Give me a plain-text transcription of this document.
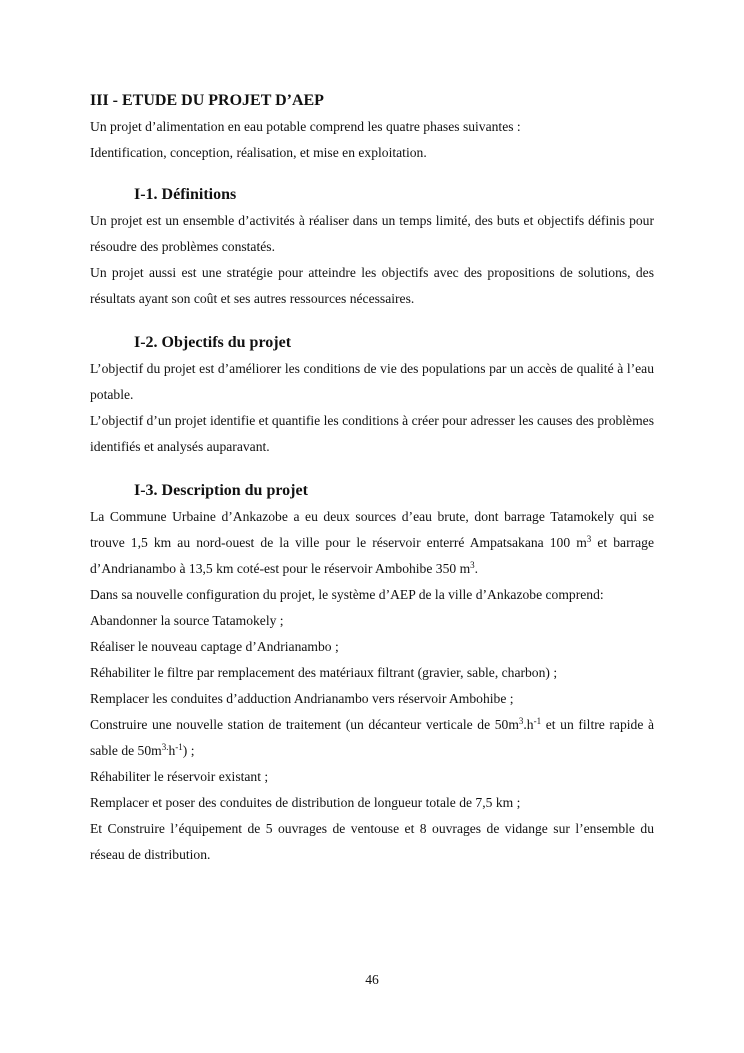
III - ETUDE DU PROJET D’AEP

Un projet d’alimentation en eau potable comprend les quatre phases suivantes :

Identification, conception, réalisation, et mise en exploitation.

I-1. Définitions

Un projet est un ensemble d’activités à réaliser dans un temps limité, des buts et objectifs définis pour résoudre des problèmes constatés.

Un projet aussi est une stratégie pour atteindre les objectifs avec des propositions de solutions, des résultats ayant son coût et ses autres ressources nécessaires.

I-2. Objectifs du projet

L’objectif du projet est d’améliorer les conditions de vie des populations par un accès de qualité à l’eau potable.

L’objectif d’un projet identifie et quantifie les conditions à créer pour adresser les causes des problèmes identifiés et analysés auparavant.

I-3. Description du projet

La Commune Urbaine d’Ankazobe a eu deux sources d’eau brute, dont barrage Tatamokely qui se trouve 1,5 km au nord-ouest de la ville pour le réservoir enterré Ampatsakana 100 $m^3$ et barrage d’Andrianambo à 13,5 km coté-est pour le réservoir Ambohibe 350 $m^3$.

Dans sa nouvelle configuration du projet, le système d’AEP de la ville d’Ankazobe comprend:

Abandonner la source Tatamokely ;

Réaliser le nouveau captage d’Andrianambo ;

Réhabiliter le filtre par remplacement des matériaux filtrant (gravier, sable, charbon) ;

Remplacer les conduites d’adduction Andrianambo vers réservoir Ambohibe ;

Construire une nouvelle station de traitement (un décanteur verticale de $50m^3.h^{-1}$ et un filtre rapide à sable de $50m^{3.}h^{-1}$) ;

Réhabiliter le réservoir existant ;

Remplacer et poser des conduites de distribution de longueur totale de 7,5 km ;

Et Construire l’équipement de 5 ouvrages de ventouse et 8 ouvrages de vidange sur l’ensemble du réseau de distribution.

46
